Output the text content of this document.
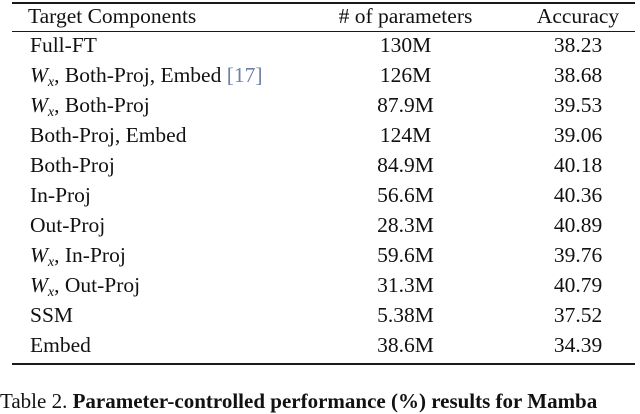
Target Components	# of parameters	Accuracy
Full-FT	130M	38.23
$W_x$, Both-Proj, Embed [17]	126M	38.68
$W_x$, Both-Proj	87.9M	39.53
Both-Proj, Embed	124M	39.06
Both-Proj	84.9M	40.18
In-Proj	56.6M	40.36
Out-Proj	28.3M	40.89
$W_x$, In-Proj	59.6M	39.76
$W_x$, Out-Proj	31.3M	40.79
SSM	5.38M	37.52
Embed	38.6M	34.39
Table 2. Parameter-controlled performance (%) results for Mamba
